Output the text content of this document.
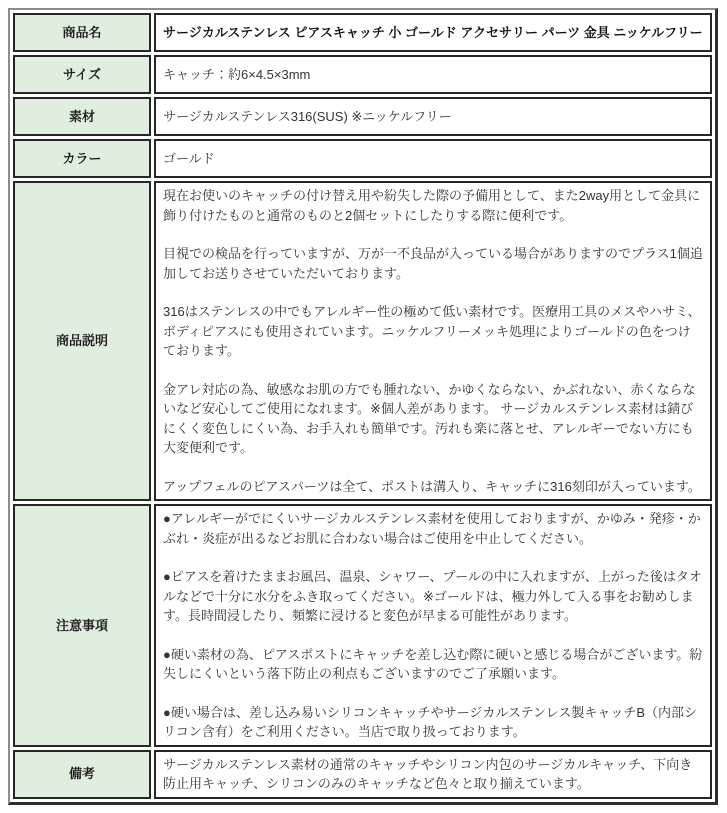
商品名	サージカルステンレス ピアスキャッチ 小 ゴールド アクセサリー パーツ 金具 ニッケルフリー

サイズ	キャッチ：約6×4.5×3mm

素材	サージカルステンレス316(SUS) ※ニッケルフリー

カラー	ゴールド

商品説明	現在お使いのキャッチの付け替え用や紛失した際の予備用として、また2way用として金具に飾り付けたものと通常のものと2個セットにしたりする際に便利です。

目視での検品を行っていますが、万が一不良品が入っている場合がありますのでプラス1個追加してお送りさせていただいております。

316はステンレスの中でもアレルギー性の極めて低い素材です。医療用工具のメスやハサミ、ボディピアスにも使用されています。ニッケルフリーメッキ処理によりゴールドの色をつけております。

金アレ対応の為、敏感なお肌の方でも腫れない、かゆくならない、かぶれない、赤くならないなど安心してご使用になれます。※個人差があります。 サージカルステンレス素材は錆びにくく変色しにくい為、お手入れも簡単です。汚れも楽に落とせ、アレルギーでない方にも大変便利です。

アップフェルのピアスパーツは全て、ポストは溝入り、キャッチに316刻印が入っています。

注意事項	●アレルギーがでにくいサージカルステンレス素材を使用しておりますが、かゆみ・発疹・かぶれ・炎症が出るなどお肌に合わない場合はご使用を中止してください。

●ピアスを着けたままお風呂、温泉、シャワー、プールの中に入れますが、上がった後はタオルなどで十分に水分をふき取ってください。※ゴールドは、極力外して入る事をお勧めします。長時間浸したり、頻繁に浸けると変色が早まる可能性があります。

●硬い素材の為、ピアスポストにキャッチを差し込む際に硬いと感じる場合がございます。紛失しにくいという落下防止の利点もございますのでご了承願います。

●硬い場合は、差し込み易いシリコンキャッチやサージカルステンレス製キャッチB（内部シリコン含有）をご利用ください。当店で取り扱っております。

備考	サージカルステンレス素材の通常のキャッチやシリコン内包のサージカルキャッチ、下向き防止用キャッチ、シリコンのみのキャッチなど色々と取り揃えています。
